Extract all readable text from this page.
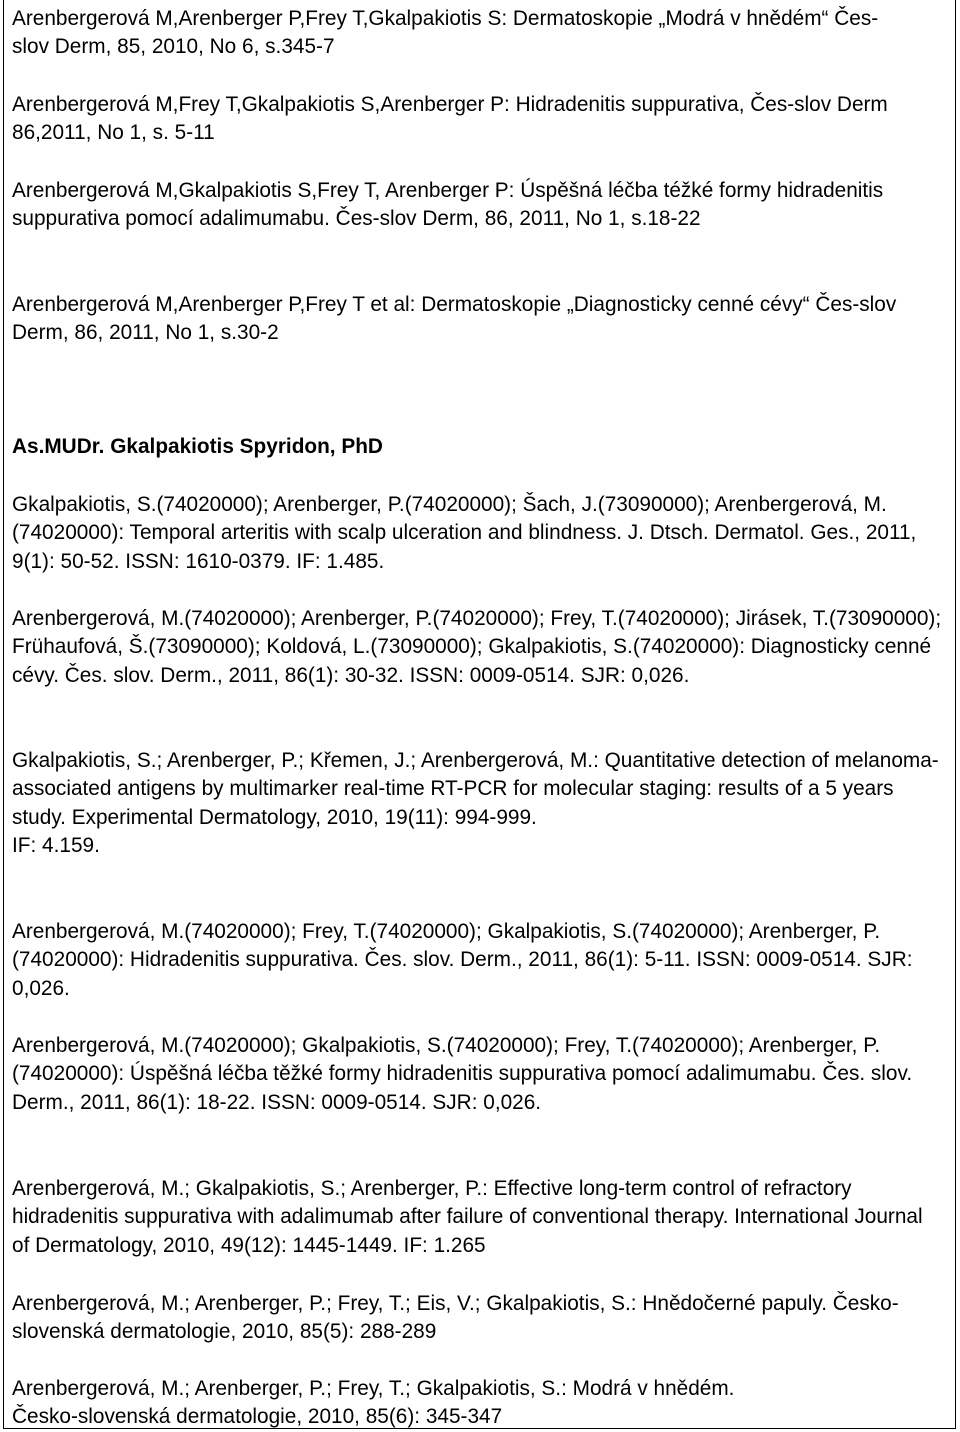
Arenbergerová M,Arenberger P,Frey T,Gkalpakiotis S: Dermatoskopie „Modrá v hnědém“ Čes-slov Derm, 85, 2010, No 6, s.345-7

Arenbergerová M,Frey T,Gkalpakiotis S,Arenberger P: Hidradenitis suppurativa, Čes-slov Derm 86,2011, No 1, s. 5-11

Arenbergerová M,Gkalpakiotis S,Frey T, Arenberger P: Úspěšná léčba téžké formy hidradenitis suppurativa pomocí adalimumabu. Čes-slov Derm, 86, 2011, No 1, s.18-22

Arenbergerová M,Arenberger P,Frey T et al: Dermatoskopie „Diagnosticky cenné cévy“ Čes-slov Derm, 86, 2011, No 1, s.30-2

As.MUDr. Gkalpakiotis Spyridon, PhD

Gkalpakiotis, S.(74020000); Arenberger, P.(74020000); Šach, J.(73090000); Arenbergerová, M.(74020000): Temporal arteritis with scalp ulceration and blindness. J. Dtsch. Dermatol. Ges., 2011, 9(1): 50-52. ISSN: 1610-0379. IF: 1.485.

Arenbergerová, M.(74020000); Arenberger, P.(74020000); Frey, T.(74020000); Jirásek, T.(73090000); Frühaufová, Š.(73090000); Koldová, L.(73090000); Gkalpakiotis, S.(74020000): Diagnosticky cenné cévy. Čes. slov. Derm., 2011, 86(1): 30-32. ISSN: 0009-0514. SJR: 0,026.

Gkalpakiotis, S.; Arenberger, P.; Křemen, J.; Arenbergerová, M.: Quantitative detection of melanoma-associated antigens by multimarker real-time RT-PCR for molecular staging: results of a 5 years study. Experimental Dermatology, 2010, 19(11): 994-999.
IF: 4.159.

Arenbergerová, M.(74020000); Frey, T.(74020000); Gkalpakiotis, S.(74020000); Arenberger, P.(74020000): Hidradenitis suppurativa. Čes. slov. Derm., 2011, 86(1): 5-11. ISSN: 0009-0514. SJR: 0,026.

Arenbergerová, M.(74020000); Gkalpakiotis, S.(74020000); Frey, T.(74020000); Arenberger, P.(74020000): Úspěšná léčba těžké formy hidradenitis suppurativa pomocí adalimumabu. Čes. slov. Derm., 2011, 86(1): 18-22. ISSN: 0009-0514. SJR: 0,026.

Arenbergerová, M.; Gkalpakiotis, S.; Arenberger, P.: Effective long-term control of refractory hidradenitis suppurativa with adalimumab after failure of conventional therapy. International Journal of Dermatology, 2010, 49(12): 1445-1449. IF: 1.265

Arenbergerová, M.; Arenberger, P.; Frey, T.; Eis, V.; Gkalpakiotis, S.: Hnědočerné papuly. Česko-slovenská dermatologie, 2010, 85(5): 288-289

Arenbergerová, M.; Arenberger, P.; Frey, T.; Gkalpakiotis, S.: Modrá v hnědém.
Česko-slovenská dermatologie, 2010, 85(6): 345-347
